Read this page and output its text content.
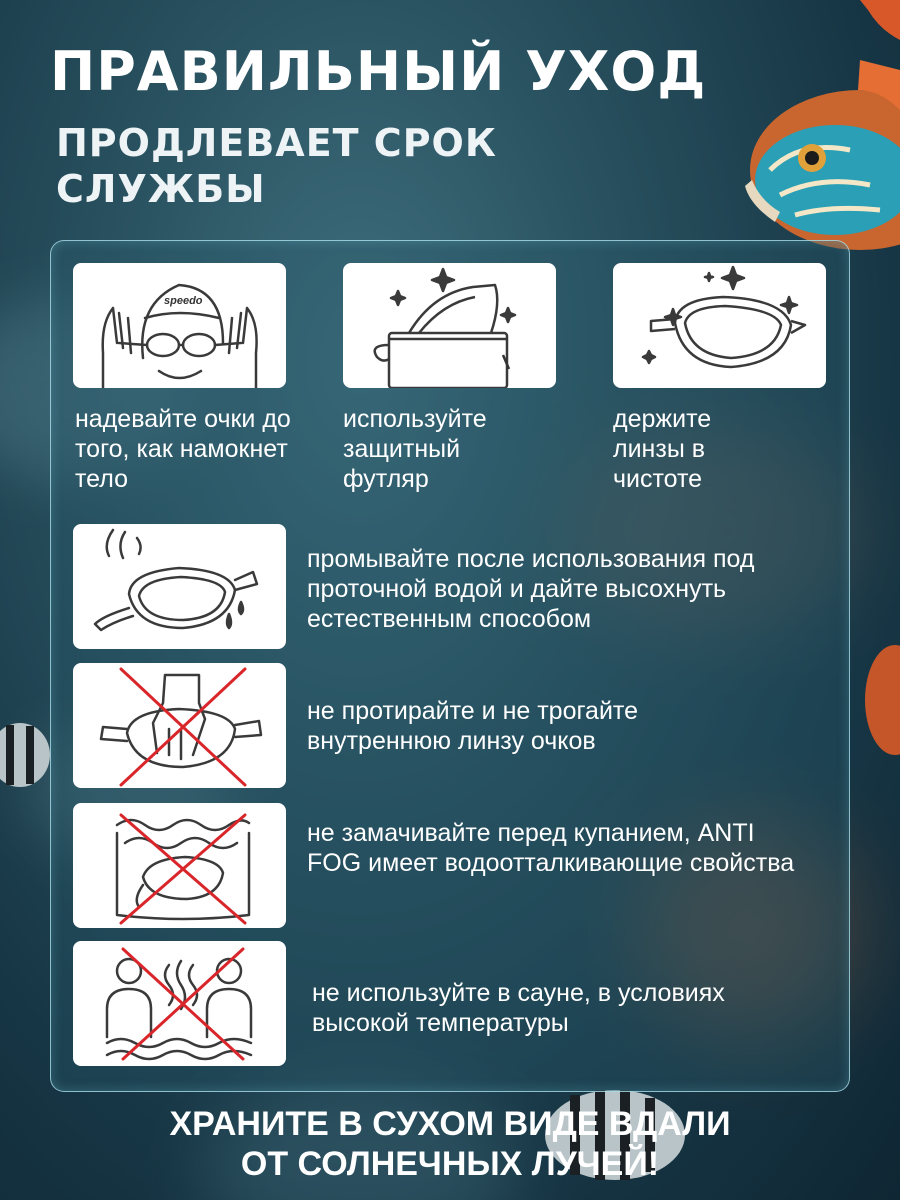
ПРАВИЛЬНЫЙ УХОД
ПРОДЛЕВАЕТ СРОК СЛУЖБЫ
speedo
надевайте очки до того, как намокнет тело
используйте защитный футляр
держите линзы в чистоте
промывайте после использования под проточной водой и дайте высохнуть естественным способом
не протирайте и не трогайте внутреннюю линзу очков
не замачивайте перед купанием, ANTI FOG имеет водоотталкивающие свойства
не используйте в сауне, в условиях высокой температуры
ХРАНИТЕ В СУХОМ ВИДЕ ВДАЛИ
ОТ СОЛНЕЧНЫХ ЛУЧЕЙ!
